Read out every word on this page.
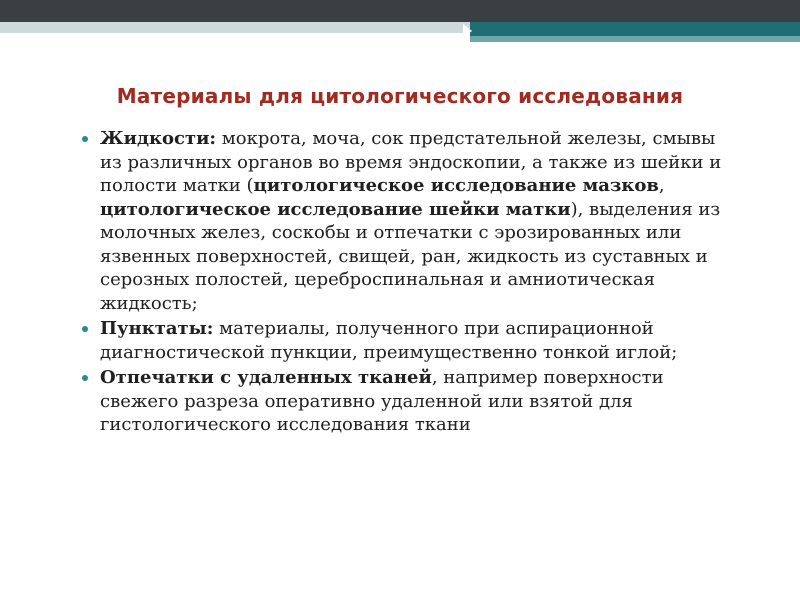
Материалы для цитологического исследования
Жидкости: мокрота, моча, сок предстательной железы, смывы из различных органов во время эндоскопии, а также из шейки и полости матки (цитологическое исследование мазков, цитологическое исследование шейки матки), выделения из молочных желез, соскобы и отпечатки с эрозированных или язвенных поверхностей, свищей, ран, жидкость из суставных и серозных полостей, цереброспинальная и амниотическая жидкость;
Пунктаты: материалы, полученного при аспирационной диагностической пункции, преимущественно тонкой иглой;
Отпечатки с удаленных тканей, например поверхности свежего разреза оперативно удаленной или взятой для гистологического исследования ткани
